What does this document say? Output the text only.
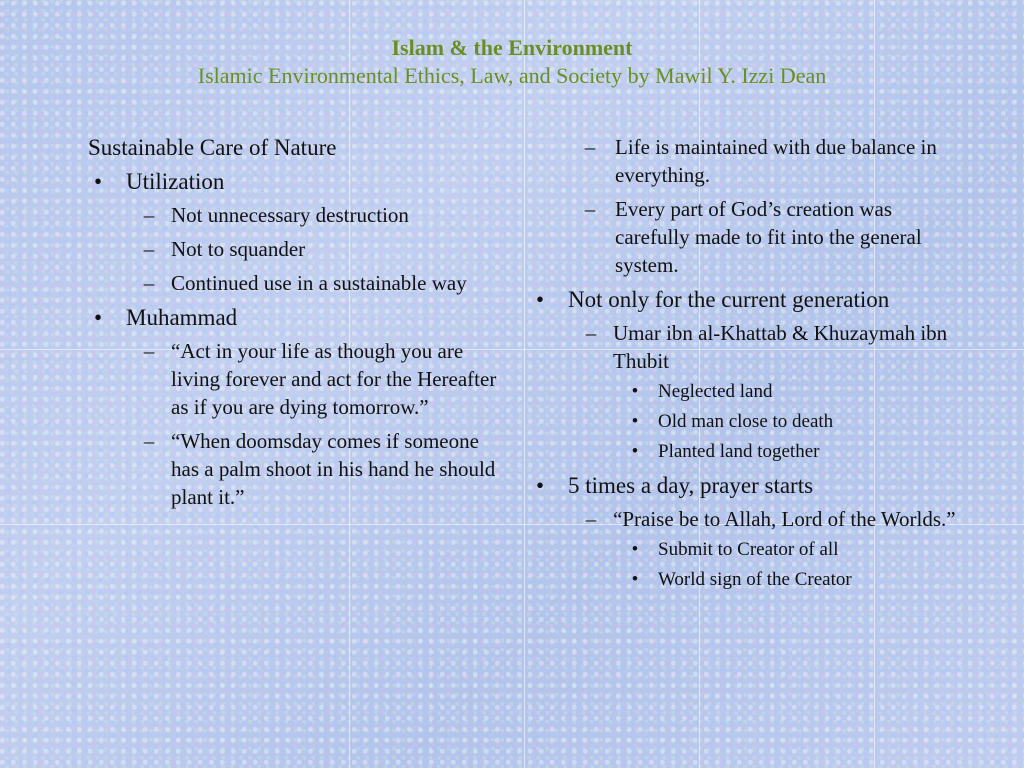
Islam & the Environment
Islamic Environmental Ethics, Law, and Society by Mawil Y. Izzi Dean
Sustainable Care of Nature
• Utilization
– Not unnecessary destruction
– Not to squander
– Continued use in a sustainable way
• Muhammad
– “Act in your life as though you are living forever and act for the Hereafter as if you are dying tomorrow.”
– “When doomsday comes if someone has a palm shoot in his hand he should plant it.”
– Life is maintained with due balance in everything.
– Every part of God’s creation was carefully made to fit into the general system.
• Not only for the current generation
– Umar ibn al-Khattab & Khuzaymah ibn Thubit
• Neglected land
• Old man close to death
• Planted land together
• 5 times a day, prayer starts
– “Praise be to Allah, Lord of the Worlds.”
• Submit to Creator of all
• World sign of the Creator
